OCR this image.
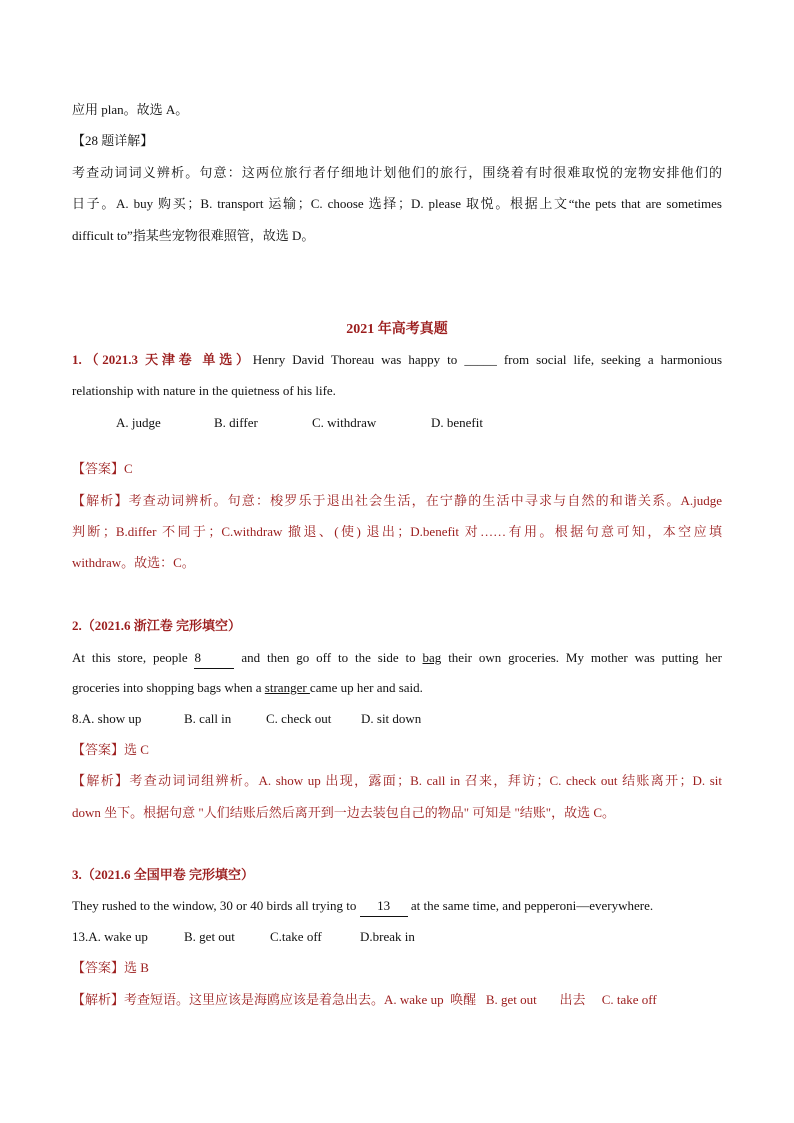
应用 plan。故选 A。
【28 题详解】
考查动词词义辨析。句意：这两位旅行者仔细地计划他们的旅行，围绕着有时很难取悦的宠物安排他们的
日子。A. buy 购买；B. transport 运输；C. choose 选择；D. please 取悦。根据上文“the pets that are sometimes
difficult to”指某些宠物很难照管，故选 D。
2021 年高考真题
1.（2021.3 天津卷 单选）Henry David Thoreau was happy to _____ from social life, seeking a harmonious
relationship with nature in the quietness of his life.
A. judge	B. differ	C. withdraw	D. benefit
【答案】C
【解析】考查动词辨析。句意：梭罗乐于退出社会生活，在宁静的生活中寻求与自然的和谐关系。A.judge
判断；B.differ 不同于；C.withdraw 撤退、(使) 退出；D.benefit 对……有用。根据句意可知，本空应填
withdraw。故选：C。
2.（2021.6 浙江卷 完形填空）
At this store, people 8	and then go off to the side to bag their own groceries. My mother was putting her
groceries into shopping bags when a stranger came up her and said.
8.A. show up	B. call in	C. check out D. sit down
【答案】选 C
【解析】考查动词词组辨析。A. show up 出现，露面；B. call in 召来，拜访；C. check out 结账离开；D. sit
down 坐下。根据句意 "人们结账后然后离开到一边去装包自己的物品" 可知是 "结账"，故选 C。
3.（2021.6 全国甲卷 完形填空）
They rushed to the window, 30 or 40 birds all trying to 13 at the same time, and pepperoni—everywhere.
13.A. wake up	B. get out	C.take off	D.break in
【答案】选 B
【解析】考查短语。这里应该是海鸥应该是着急出去。A. wake up  唤醒   B. get out       出去     C. take off
